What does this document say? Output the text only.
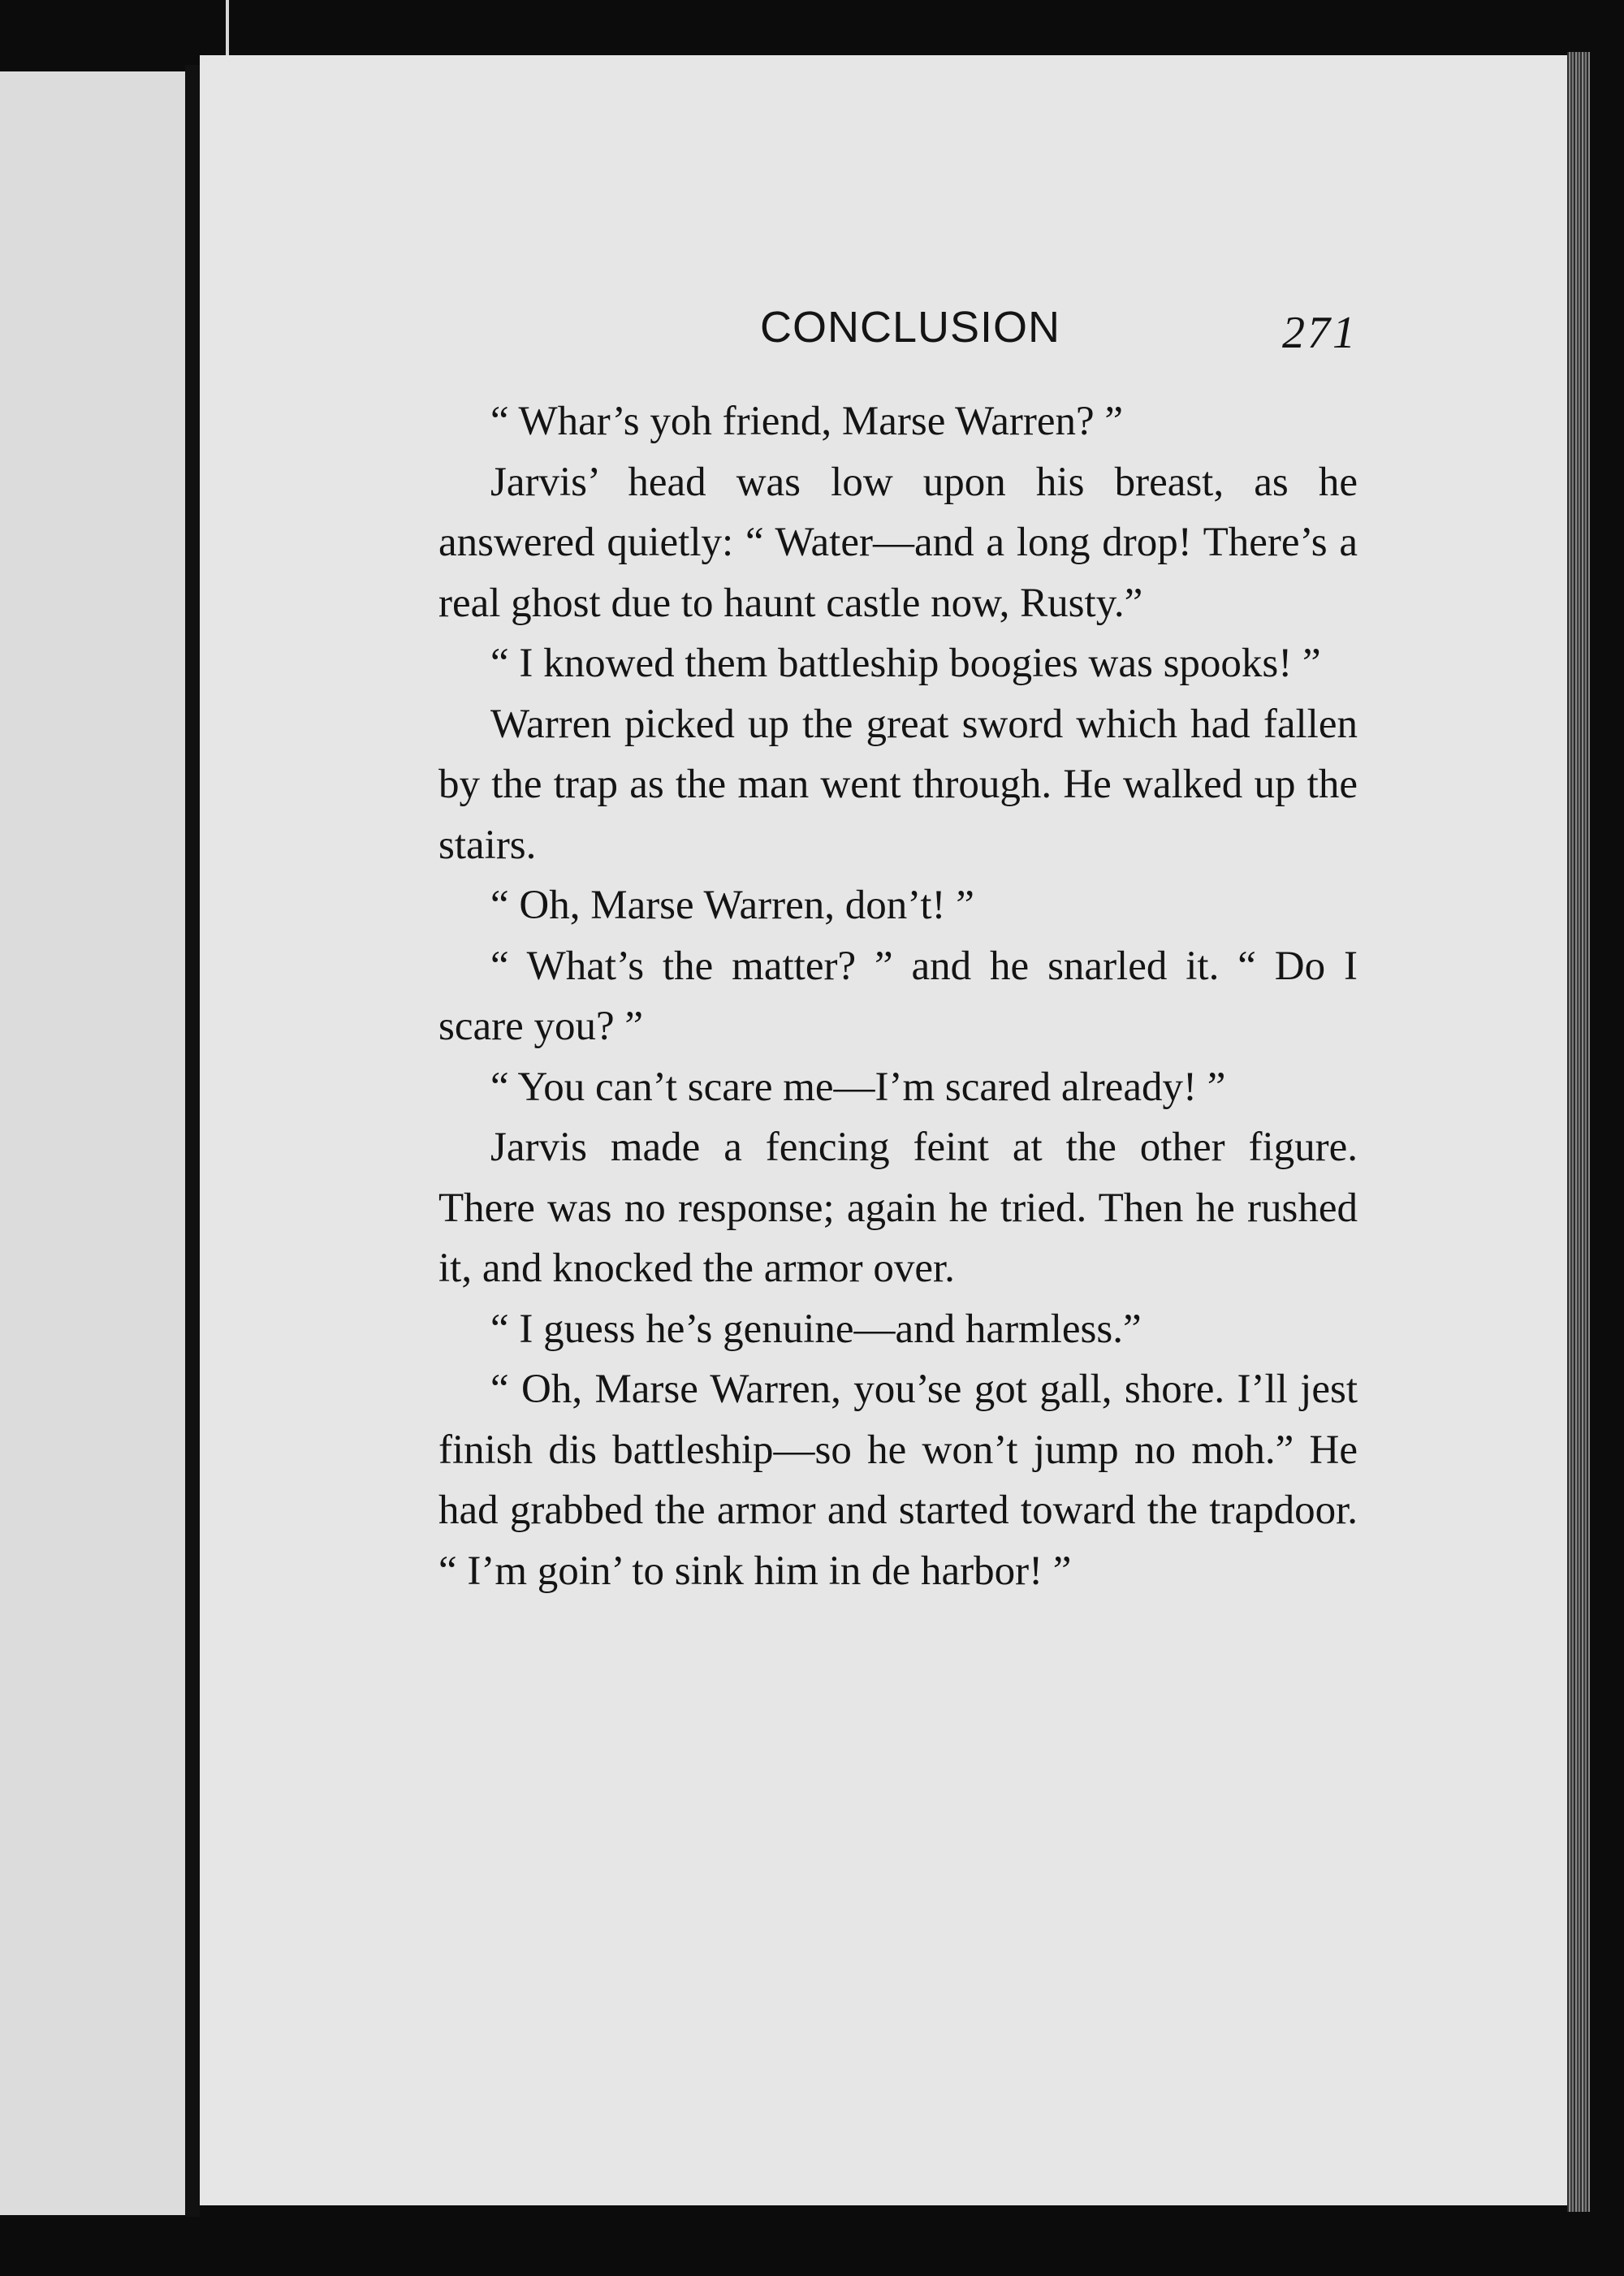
CONCLUSION	271

“ Whar’s yoh friend, Marse Warren? ”

Jarvis’ head was low upon his breast, as he answered quietly: “ Water—and a long drop! There’s a real ghost due to haunt castle now, Rusty.”

“ I knowed them battleship boogies was spooks! ”

Warren picked up the great sword which had fallen by the trap as the man went through. He walked up the stairs.

“ Oh, Marse Warren, don’t! ”

“ What’s the matter? ” and he snarled it. “ Do I scare you? ”

“ You can’t scare me—I’m scared already! ”

Jarvis made a fencing feint at the other figure. There was no response; again he tried. Then he rushed it, and knocked the armor over.

“ I guess he’s genuine—and harmless.”

“ Oh, Marse Warren, you’se got gall, shore. I’ll jest finish dis battleship—so he won’t jump no moh.” He had grabbed the armor and started toward the trapdoor. “ I’m goin’ to sink him in de harbor! ”
